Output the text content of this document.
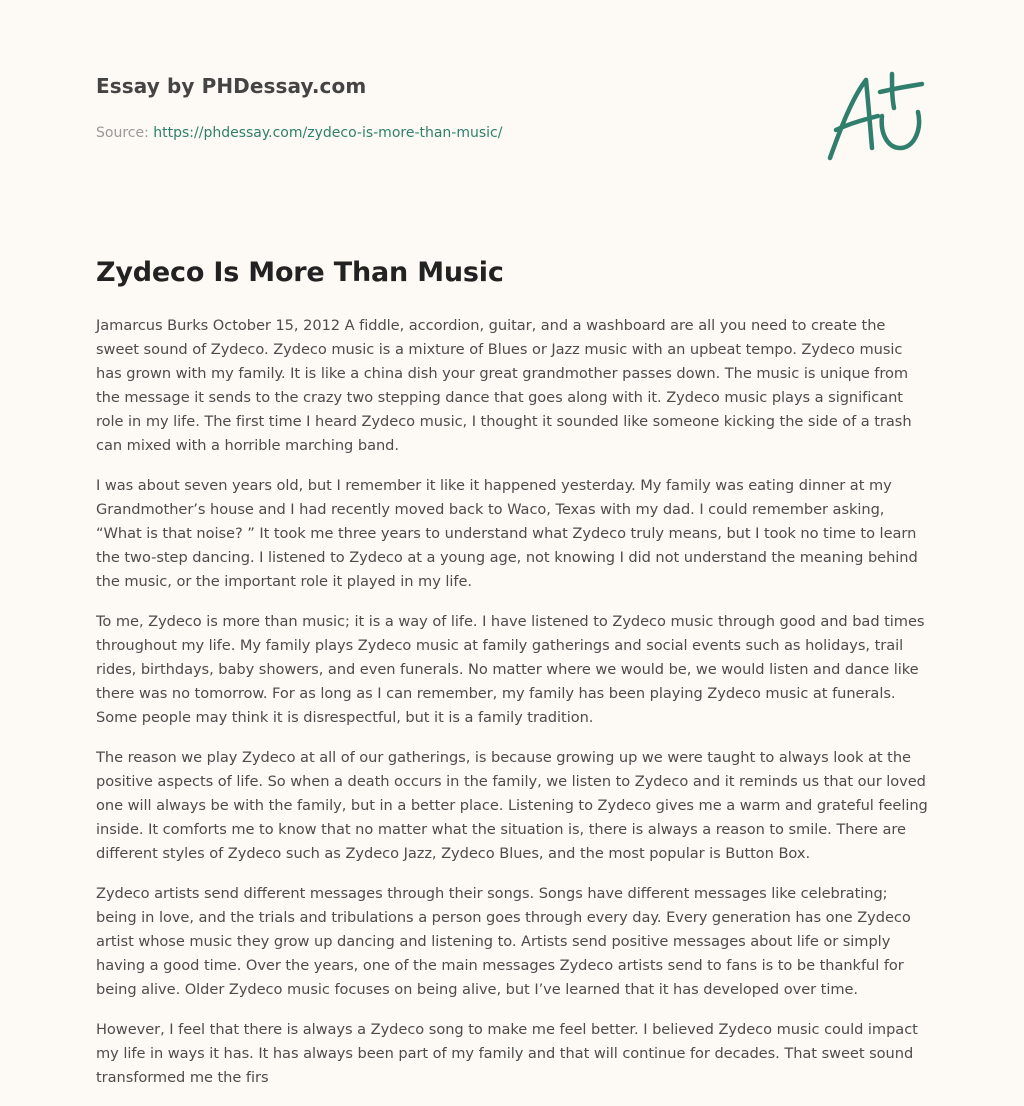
Essay by PHDessay.com
Source: https://phdessay.com/zydeco-is-more-than-music/
Zydeco Is More Than Music

Jamarcus Burks October 15, 2012 A fiddle, accordion, guitar, and a washboard are all you need to create the sweet sound of Zydeco. Zydeco music is a mixture of Blues or Jazz music with an upbeat tempo. Zydeco music has grown with my family. It is like a china dish your great grandmother passes down. The music is unique from the message it sends to the crazy two stepping dance that goes along with it. Zydeco music plays a significant role in my life. The first time I heard Zydeco music, I thought it sounded like someone kicking the side of a trash can mixed with a horrible marching band.

I was about seven years old, but I remember it like it happened yesterday. My family was eating dinner at my Grandmother’s house and I had recently moved back to Waco, Texas with my dad. I could remember asking, “What is that noise? ” It took me three years to understand what Zydeco truly means, but I took no time to learn the two-step dancing. I listened to Zydeco at a young age, not knowing I did not understand the meaning behind the music, or the important role it played in my life.

To me, Zydeco is more than music; it is a way of life. I have listened to Zydeco music through good and bad times throughout my life. My family plays Zydeco music at family gatherings and social events such as holidays, trail rides, birthdays, baby showers, and even funerals. No matter where we would be, we would listen and dance like there was no tomorrow. For as long as I can remember, my family has been playing Zydeco music at funerals. Some people may think it is disrespectful, but it is a family tradition.

The reason we play Zydeco at all of our gatherings, is because growing up we were taught to always look at the positive aspects of life. So when a death occurs in the family, we listen to Zydeco and it reminds us that our loved one will always be with the family, but in a better place. Listening to Zydeco gives me a warm and grateful feeling inside. It comforts me to know that no matter what the situation is, there is always a reason to smile. There are different styles of Zydeco such as Zydeco Jazz, Zydeco Blues, and the most popular is Button Box.

Zydeco artists send different messages through their songs. Songs have different messages like celebrating; being in love, and the trials and tribulations a person goes through every day. Every generation has one Zydeco artist whose music they grow up dancing and listening to. Artists send positive messages about life or simply having a good time. Over the years, one of the main messages Zydeco artists send to fans is to be thankful for being alive. Older Zydeco music focuses on being alive, but I’ve learned that it has developed over time.

However, I feel that there is always a Zydeco song to make me feel better. I believed Zydeco music could impact my life in ways it has. It has always been part of my family and that will continue for decades. That sweet sound transformed me the firs
